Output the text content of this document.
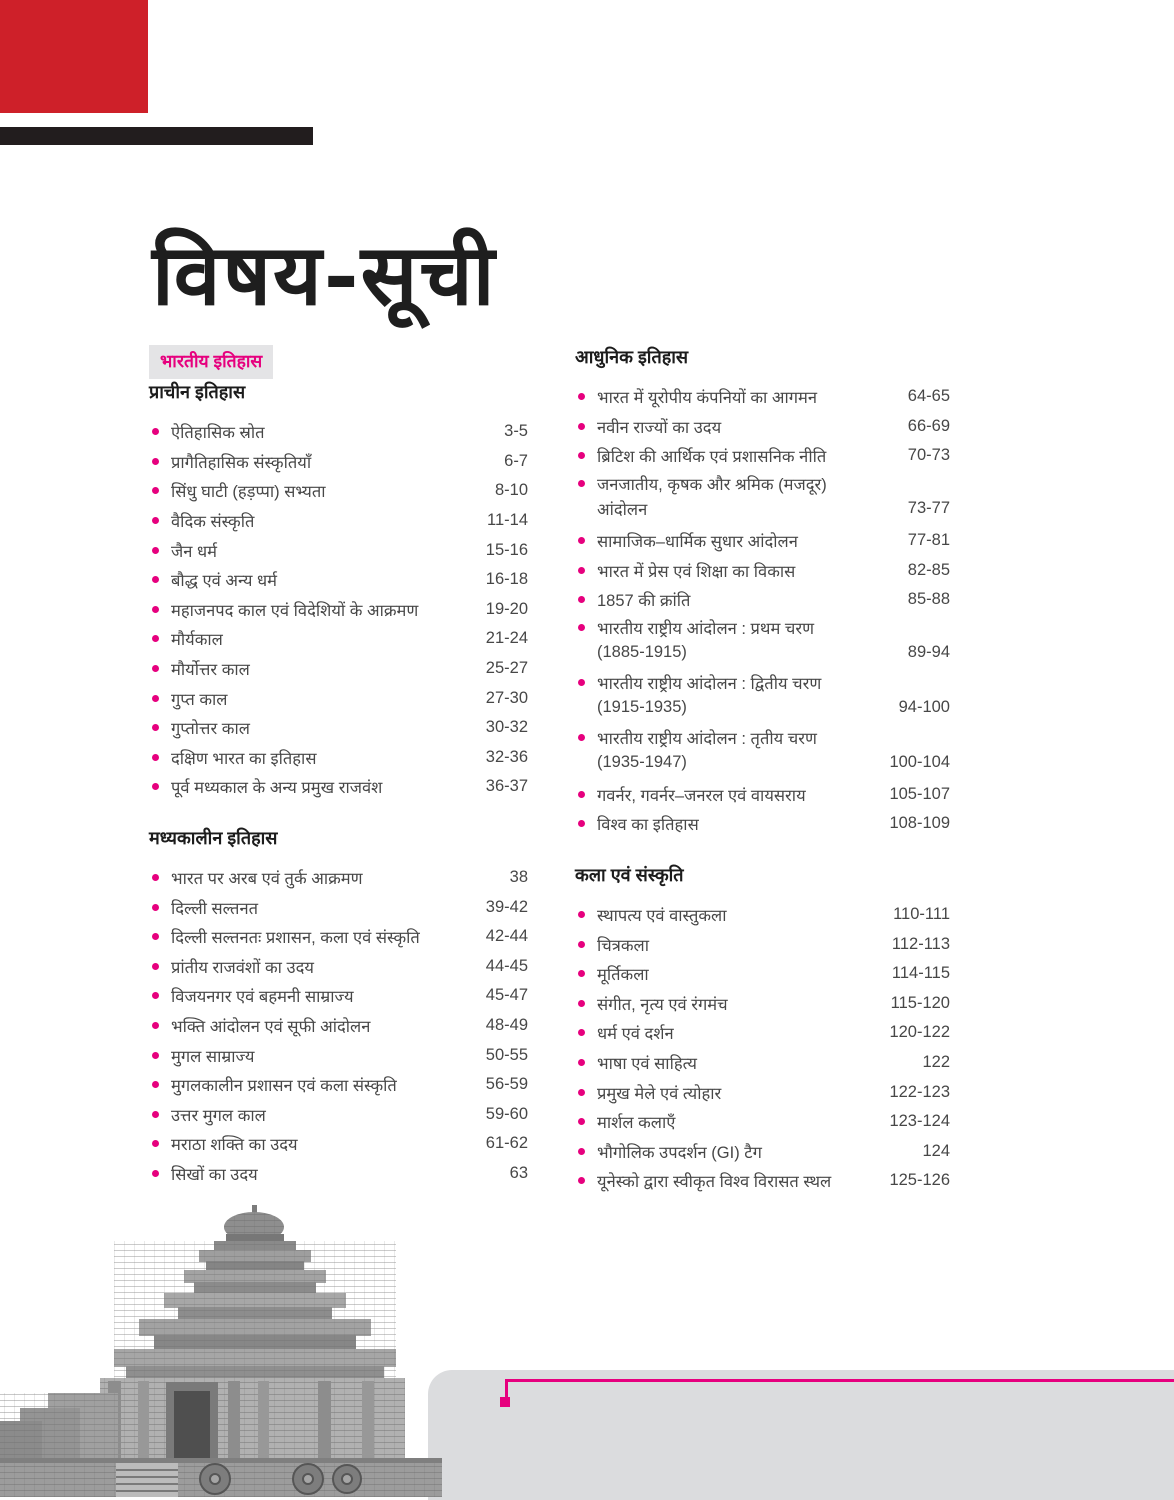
विषय-सूची
भारतीय इतिहास
प्राचीन इतिहास
ऐतिहासिक स्रोत	3-5
प्रागैतिहासिक संस्कृतियाँ	6-7
सिंधु घाटी (हड़प्पा) सभ्यता	8-10
वैदिक संस्कृति	11-14
जैन धर्म	15-16
बौद्ध एवं अन्य धर्म	16-18
महाजनपद काल एवं विदेशियों के आक्रमण	19-20
मौर्यकाल	21-24
मौर्योत्तर काल	25-27
गुप्त काल	27-30
गुप्तोत्तर काल	30-32
दक्षिण भारत का इतिहास	32-36
पूर्व मध्यकाल के अन्य प्रमुख राजवंश	36-37
मध्यकालीन इतिहास
भारत पर अरब एवं तुर्क आक्रमण	38
दिल्ली सल्तनत	39-42
दिल्ली सल्तनतः प्रशासन, कला एवं संस्कृति	42-44
प्रांतीय राजवंशों का उदय	44-45
विजयनगर एवं बहमनी साम्राज्य	45-47
भक्ति आंदोलन एवं सूफी आंदोलन	48-49
मुगल साम्राज्य	50-55
मुगलकालीन प्रशासन एवं कला संस्कृति	56-59
उत्तर मुगल काल	59-60
मराठा शक्ति का उदय	61-62
सिखों का उदय	63
आधुनिक इतिहास
भारत में यूरोपीय कंपनियों का आगमन	64-65
नवीन राज्यों का उदय	66-69
ब्रिटिश की आर्थिक एवं प्रशासनिक नीति	70-73
जनजातीय, कृषक और श्रमिक (मजदूर)
आंदोलन	73-77
सामाजिक–धार्मिक सुधार आंदोलन	77-81
भारत में प्रेस एवं शिक्षा का विकास	82-85
1857 की क्रांति	85-88
भारतीय राष्ट्रीय आंदोलन : प्रथम चरण
(1885-1915)	89-94
भारतीय राष्ट्रीय आंदोलन : द्वितीय चरण
(1915-1935)	94-100
भारतीय राष्ट्रीय आंदोलन : तृतीय चरण
(1935-1947)	100-104
गवर्नर, गवर्नर–जनरल एवं वायसराय	105-107
विश्व का इतिहास	108-109
कला एवं संस्कृति
स्थापत्य एवं वास्तुकला	110-111
चित्रकला	112-113
मूर्तिकला	114-115
संगीत, नृत्य एवं रंगमंच	115-120
धर्म एवं दर्शन	120-122
भाषा एवं साहित्य	122
प्रमुख मेले एवं त्योहार	122-123
मार्शल कलाएँ	123-124
भौगोलिक उपदर्शन (GI) टैग	124
यूनेस्को द्वारा स्वीकृत विश्व विरासत स्थल	125-126
